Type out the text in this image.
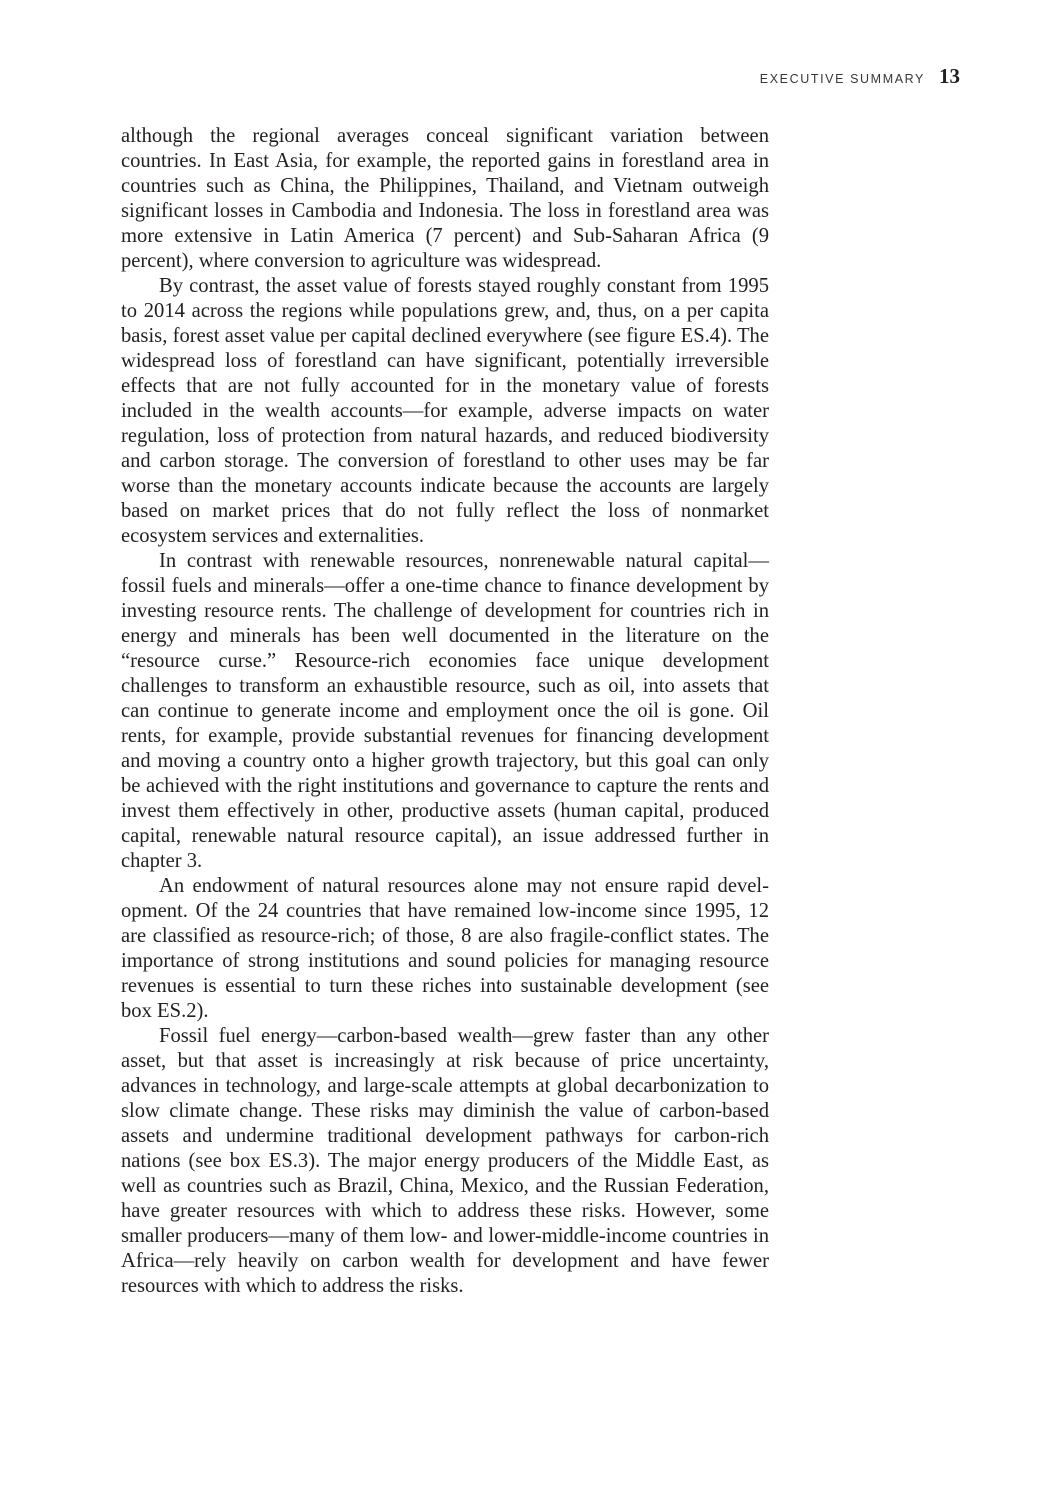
EXECUTIVE SUMMARY 13

although the regional averages conceal significant variation between countries. In East Asia, for example, the reported gains in forestland area in countries such as China, the Philippines, Thailand, and Vietnam outweigh significant losses in Cambodia and Indonesia. The loss in forestland area was more extensive in Latin America (7 percent) and Sub-Saharan Africa (9 percent), where conversion to agriculture was widespread.

By contrast, the asset value of forests stayed roughly constant from 1995 to 2014 across the regions while populations grew, and, thus, on a per capita basis, forest asset value per capital declined everywhere (see figure ES.4). The widespread loss of forestland can have significant, potentially irreversible effects that are not fully accounted for in the monetary value of forests included in the wealth accounts—for example, adverse impacts on water regulation, loss of protection from natural hazards, and reduced biodiversity and carbon storage. The conversion of forestland to other uses may be far worse than the monetary accounts indicate because the accounts are largely based on market prices that do not fully reflect the loss of nonmarket ecosystem services and externalities.

In contrast with renewable resources, nonrenewable natural capital—fossil fuels and minerals—offer a one-time chance to finance development by investing resource rents. The challenge of development for countries rich in energy and minerals has been well documented in the literature on the “resource curse.” Resource-rich economies face unique development challenges to transform an exhaustible resource, such as oil, into assets that can continue to generate income and employment once the oil is gone. Oil rents, for example, provide substantial revenues for financing development and moving a country onto a higher growth trajectory, but this goal can only be achieved with the right institutions and governance to capture the rents and invest them effectively in other, productive assets (human capital, produced capital, renewable natural resource capital), an issue addressed further in chapter 3.

An endowment of natural resources alone may not ensure rapid development. Of the 24 countries that have remained low-income since 1995, 12 are classified as resource-rich; of those, 8 are also fragile-conflict states. The importance of strong institutions and sound policies for managing resource revenues is essential to turn these riches into sustainable development (see box ES.2).

Fossil fuel energy—carbon-based wealth—grew faster than any other asset, but that asset is increasingly at risk because of price uncertainty, advances in technology, and large-scale attempts at global decarbonization to slow climate change. These risks may diminish the value of carbon-based assets and undermine traditional development pathways for carbon-rich nations (see box ES.3). The major energy producers of the Middle East, as well as countries such as Brazil, China, Mexico, and the Russian Federation, have greater resources with which to address these risks. However, some smaller producers—many of them low- and lower-middle-income countries in Africa—rely heavily on carbon wealth for development and have fewer resources with which to address the risks.
